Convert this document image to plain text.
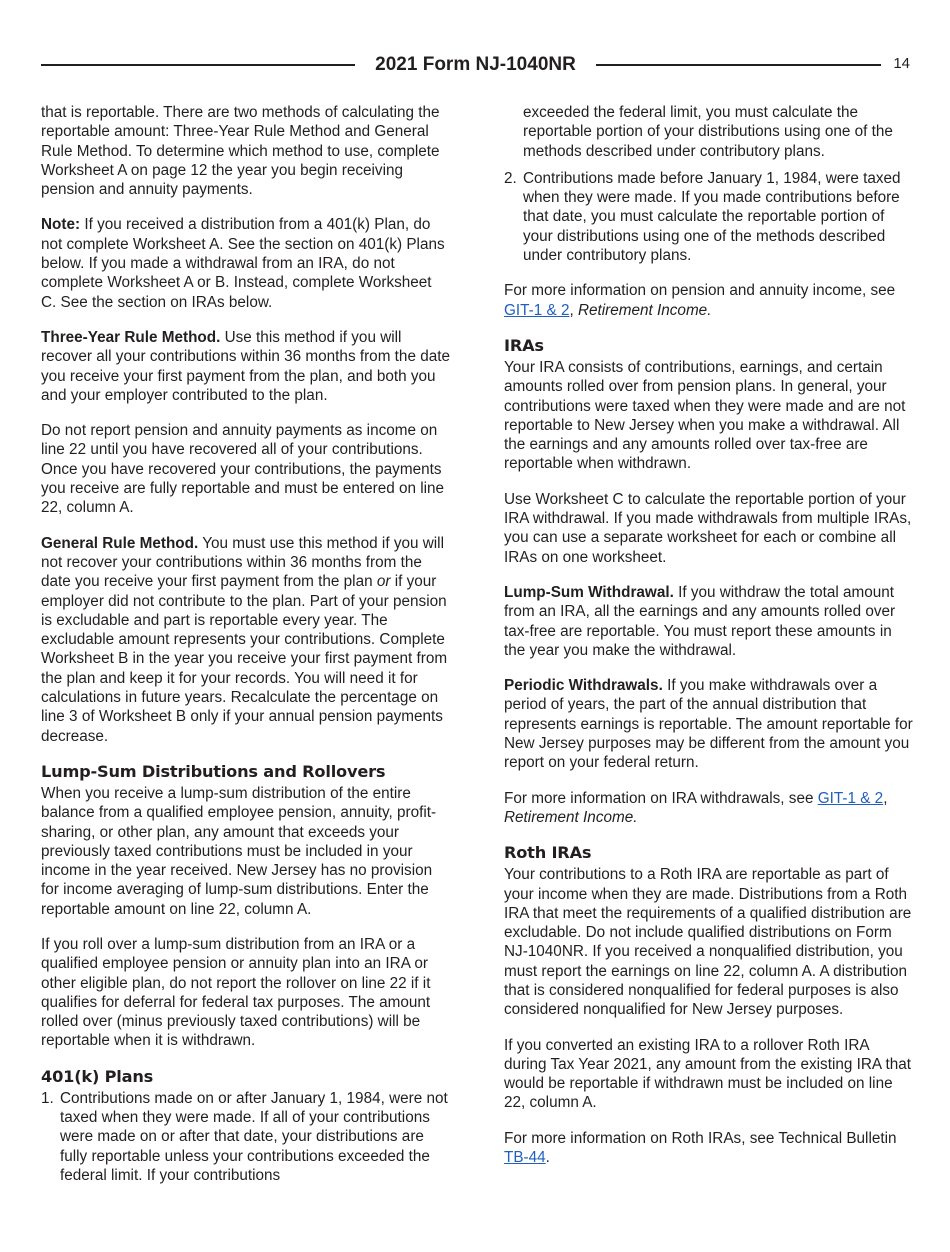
2021 Form NJ-1040NR	14

that is reportable. There are two methods of calculating the reportable amount: Three-Year Rule Method and General Rule Method. To determine which method to use, complete Worksheet A on page 12 the year you begin receiving pension and annuity payments.

Note: If you received a distribution from a 401(k) Plan, do not complete Worksheet A. See the section on 401(k) Plans below. If you made a withdrawal from an IRA, do not complete Worksheet A or B. Instead, complete Worksheet C. See the section on IRAs below.

Three-Year Rule Method. Use this method if you will recover all your contributions within 36 months from the date you receive your first payment from the plan, and both you and your employer contributed to the plan.

Do not report pension and annuity payments as income on line 22 until you have recovered all of your contributions. Once you have recovered your contributions, the payments you receive are fully reportable and must be entered on line 22, column A.

General Rule Method. You must use this method if you will not recover your contributions within 36 months from the date you receive your first payment from the plan or if your employer did not contribute to the plan. Part of your pension is excludable and part is reportable every year. The excludable amount represents your contributions. Complete Worksheet B in the year you receive your first payment from the plan and keep it for your records. You will need it for calculations in future years. Recalculate the percentage on line 3 of Worksheet B only if your annual pension payments decrease.

Lump-Sum Distributions and Rollovers

When you receive a lump-sum distribution of the entire balance from a qualified employee pension, annuity, profit-sharing, or other plan, any amount that exceeds your previously taxed contributions must be included in your income in the year received. New Jersey has no provision for income averaging of lump-sum distributions. Enter the reportable amount on line 22, column A.

If you roll over a lump-sum distribution from an IRA or a qualified employee pension or annuity plan into an IRA or other eligible plan, do not report the rollover on line 22 if it qualifies for deferral for federal tax purposes. The amount rolled over (minus previously taxed contributions) will be reportable when it is withdrawn.

401(k) Plans
1. Contributions made on or after January 1, 1984, were not taxed when they were made. If all of your contributions were made on or after that date, your distributions are fully reportable unless your contributions exceeded the federal limit. If your contributions
exceeded the federal limit, you must calculate the reportable portion of your distributions using one of the methods described under contributory plans.
2. Contributions made before January 1, 1984, were taxed when they were made. If you made contributions before that date, you must calculate the reportable portion of your distributions using one of the methods described under contributory plans.

For more information on pension and annuity income, see GIT-1 & 2, Retirement Income.

IRAs

Your IRA consists of contributions, earnings, and certain amounts rolled over from pension plans. In general, your contributions were taxed when they were made and are not reportable to New Jersey when you make a withdrawal. All the earnings and any amounts rolled over tax-free are reportable when withdrawn.

Use Worksheet C to calculate the reportable portion of your IRA withdrawal. If you made withdrawals from multiple IRAs, you can use a separate worksheet for each or combine all IRAs on one worksheet.

Lump-Sum Withdrawal. If you withdraw the total amount from an IRA, all the earnings and any amounts rolled over tax-free are reportable. You must report these amounts in the year you make the withdrawal.

Periodic Withdrawals. If you make withdrawals over a period of years, the part of the annual distribution that represents earnings is reportable. The amount reportable for New Jersey purposes may be different from the amount you report on your federal return.

For more information on IRA withdrawals, see GIT-1 & 2,
Retirement Income.

Roth IRAs

Your contributions to a Roth IRA are reportable as part of your income when they are made. Distributions from a Roth IRA that meet the requirements of a qualified distribution are excludable. Do not include qualified distributions on Form NJ-1040NR. If you received a nonqualified distribution, you must report the earnings on line 22, column A. A distribution that is considered nonqualified for federal purposes is also considered nonqualified for New Jersey purposes.

If you converted an existing IRA to a rollover Roth IRA during Tax Year 2021, any amount from the existing IRA that would be reportable if withdrawn must be included on line 22, column A.

For more information on Roth IRAs, see Technical Bulletin TB-44.
